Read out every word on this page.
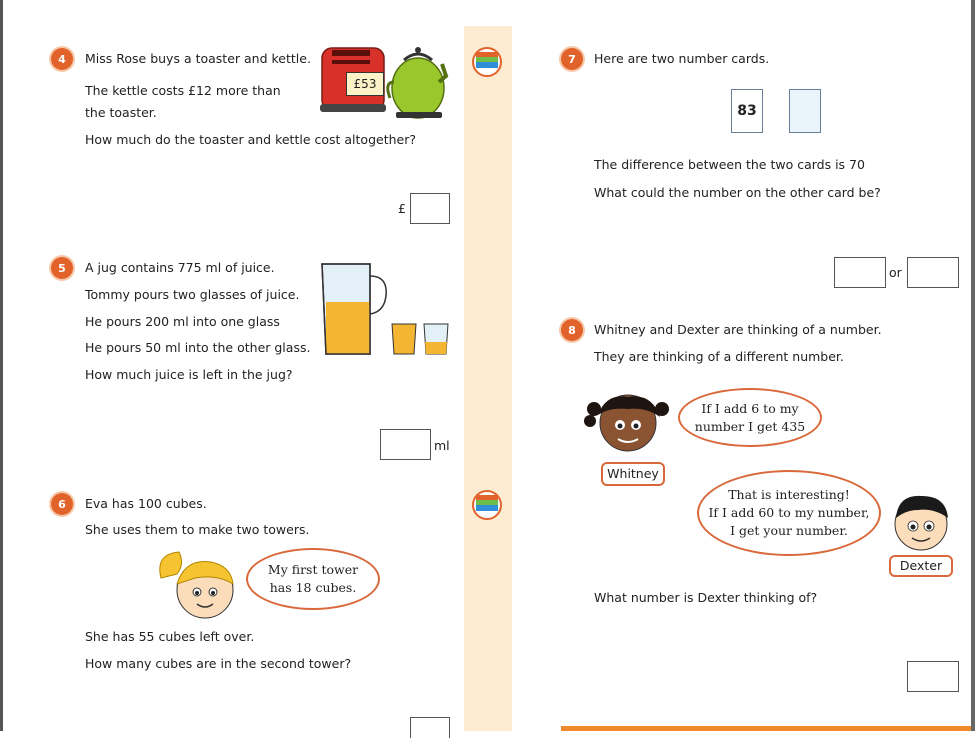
4	Miss Rose buys a toaster and kettle.
The kettle costs £12 more than
the toaster.
How much do the toaster and kettle cost altogether?
£53
£
5	A jug contains 775 ml of juice.
Tommy pours two glasses of juice.
He pours 200 ml into one glass
He pours 50 ml into the other glass.
How much juice is left in the jug?
ml
6	Eva has 100 cubes.
She uses them to make two towers.
My first tower
has 18 cubes.
She has 55 cubes left over.
How many cubes are in the second tower?
7	Here are two number cards.
83
The difference between the two cards is 70
What could the number on the other card be?
or
8	Whitney and Dexter are thinking of a number.
They are thinking of a different number.
If I add 6 to my
number I get 435
Whitney
That is interesting!
If I add 60 to my number,
I get your number.
Dexter
What number is Dexter thinking of?
